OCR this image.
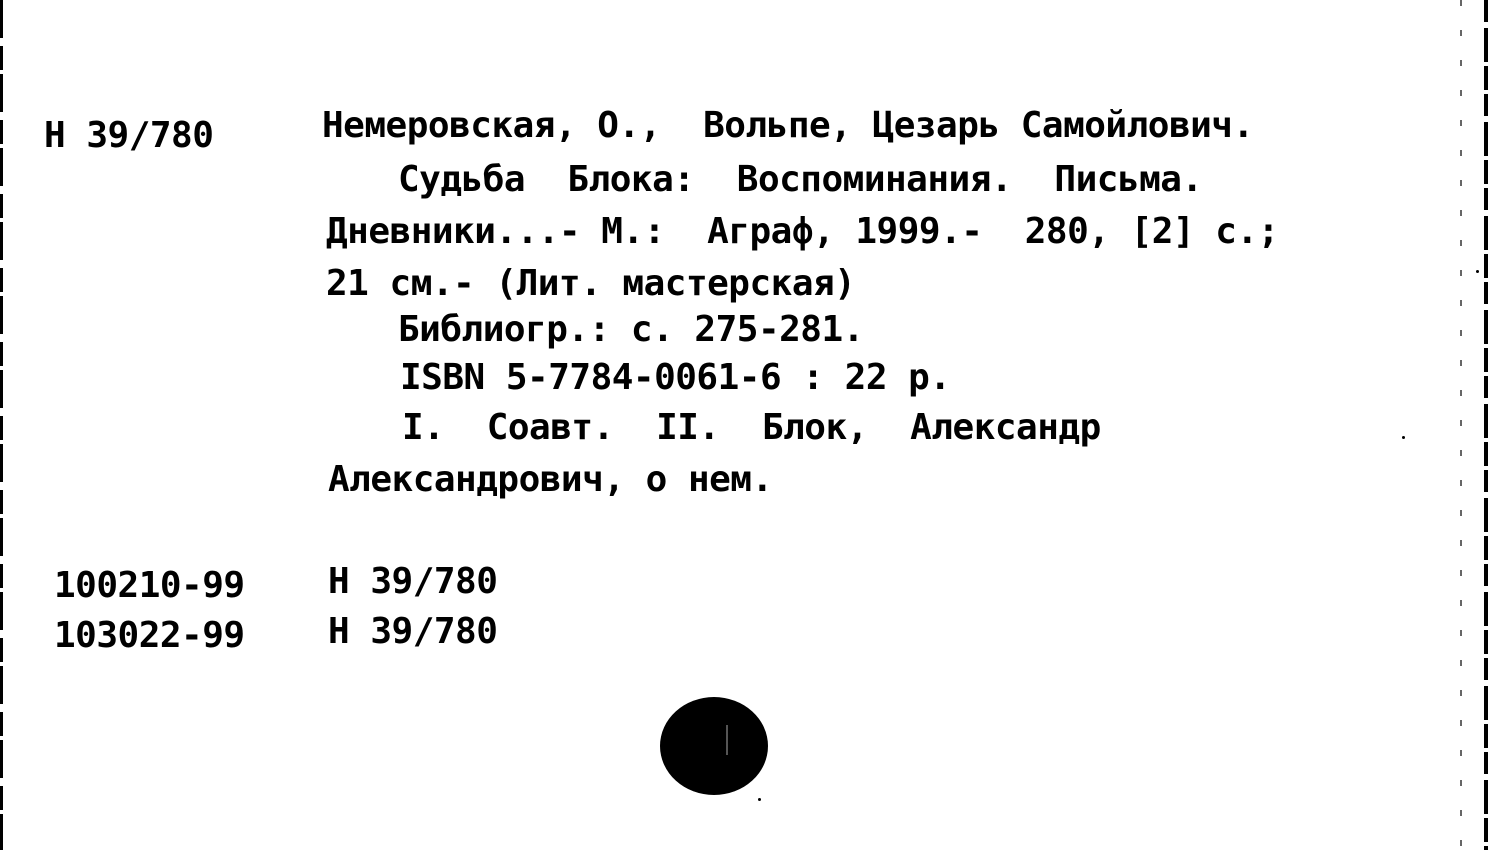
Н 39/780	Немеровская, О.,  Вольпе, Цезарь Самойлович.

Судьба  Блока:  Воспоминания.  Письма.

Дневники...- М.:  Аграф, 1999.-  280, [2] с.;

21 см.- (Лит. мастерская)

Библиогр.: с. 275-281.

ISBN 5-7784-0061-6 : 22 р.

I.  Соавт.  II.  Блок,  Александр

Александрович, о нем.

100210-99 Н 39/780

103022-99 Н 39/780
